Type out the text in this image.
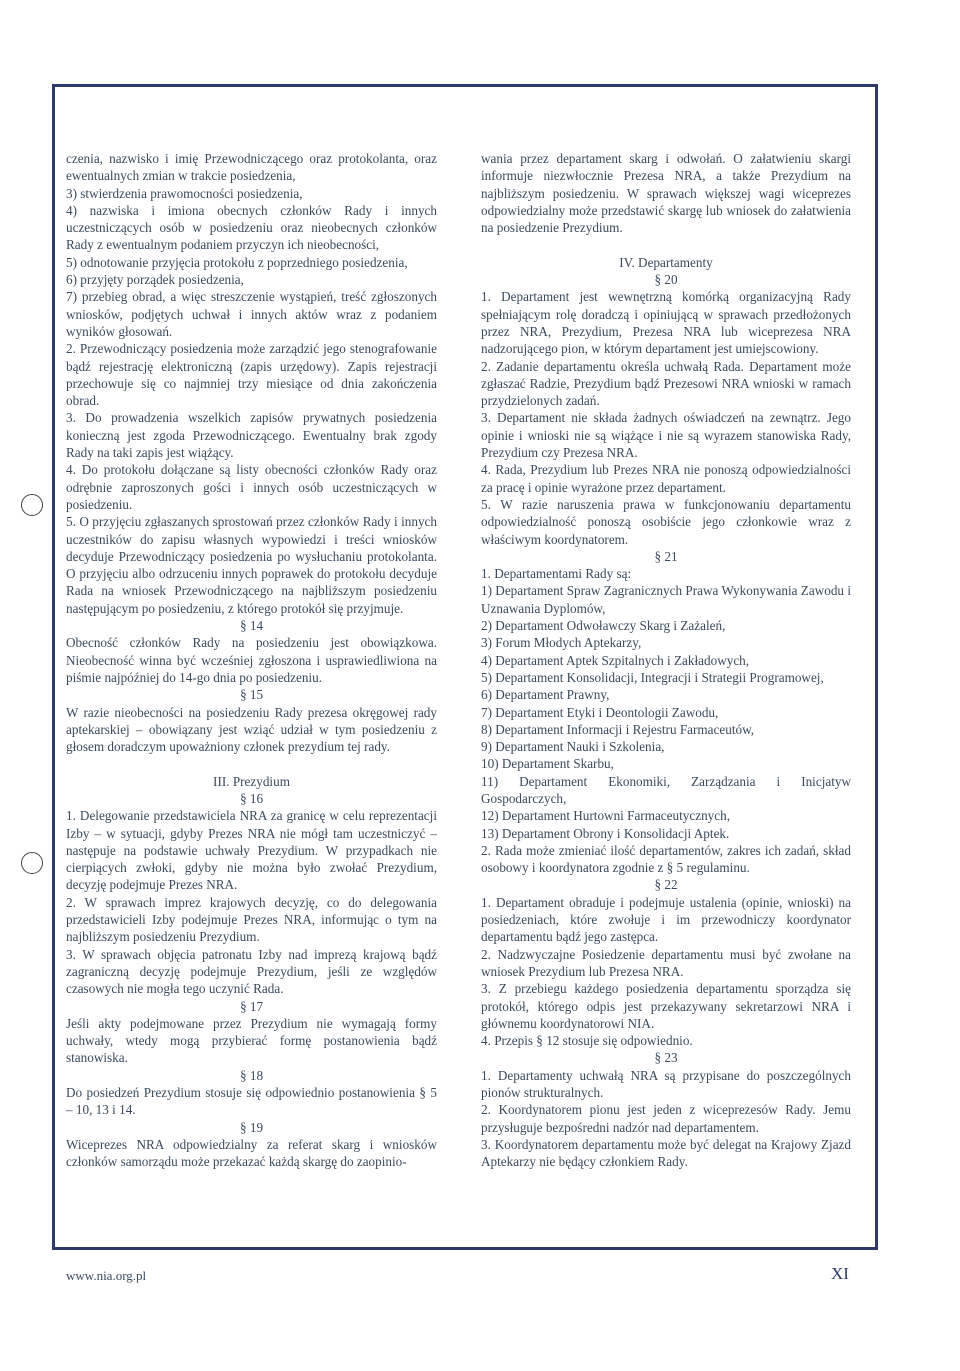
czenia, nazwisko i imię Przewodniczącego oraz protokolanta, oraz ewentualnych zmian w trakcie posiedzenia,

3) stwierdzenia prawomocności posiedzenia,

4) nazwiska i imiona obecnych członków Rady i innych uczestniczących osób w posiedzeniu oraz nieobecnych członków Rady z ewentualnym podaniem przyczyn ich nieobecności,

5) odnotowanie przyjęcia protokołu z poprzedniego posiedzenia,

6) przyjęty porządek posiedzenia,

7) przebieg obrad, a więc streszczenie wystąpień, treść zgłoszonych wniosków, podjętych uchwał i innych aktów wraz z podaniem wyników głosowań.

2. Przewodniczący posiedzenia może zarządzić jego stenografowanie bądź rejestrację elektroniczną (zapis urzędowy). Zapis rejestracji przechowuje się co najmniej trzy miesiące od dnia zakończenia obrad.

3. Do prowadzenia wszelkich zapisów prywatnych posiedzenia konieczną jest zgoda Przewodniczącego. Ewentualny brak zgody Rady na taki zapis jest wiążący.

4. Do protokołu dołączane są listy obecności członków Rady oraz odrębnie zaproszonych gości i innych osób uczestniczących w posiedzeniu.

5. O przyjęciu zgłaszanych sprostowań przez członków Rady i innych uczestników do zapisu własnych wypowiedzi i treści wniosków decyduje Przewodniczący posiedzenia po wysłuchaniu protokolanta. O przyjęciu albo odrzuceniu innych poprawek do protokołu decyduje Rada na wniosek Przewodniczącego na najbliższym posiedzeniu następującym po posiedzeniu, z którego protokół się przyjmuje.

§ 14

Obecność członków Rady na posiedzeniu jest obowiązkowa. Nieobecność winna być wcześniej zgłoszona i usprawiedliwiona na piśmie najpóźniej do 14-go dnia po posiedzeniu.

§ 15

W razie nieobecności na posiedzeniu Rady prezesa okręgowej rady aptekarskiej – obowiązany jest wziąć udział w tym posiedzeniu z głosem doradczym upoważniony członek prezydium tej rady.

III. Prezydium

§ 16

1. Delegowanie przedstawiciela NRA za granicę w celu reprezentacji Izby – w sytuacji, gdyby Prezes NRA nie mógł tam uczestniczyć – następuje na podstawie uchwały Prezydium. W przypadkach nie cierpiących zwłoki, gdyby nie można było zwołać Prezydium, decyzję podejmuje Prezes NRA.

2. W sprawach imprez krajowych decyzję, co do delegowania przedstawicieli Izby podejmuje Prezes NRA, informując o tym na najbliższym posiedzeniu Prezydium.

3. W sprawach objęcia patronatu Izby nad imprezą krajową bądź zagraniczną decyzję podejmuje Prezydium, jeśli ze względów czasowych nie mogła tego uczynić Rada.

§ 17

Jeśli akty podejmowane przez Prezydium nie wymagają formy uchwały, wtedy mogą przybierać formę postanowienia bądź stanowiska.

§ 18

Do posiedzeń Prezydium stosuje się odpowiednio postanowienia § 5 – 10, 13 i 14.

§ 19

Wiceprezes NRA odpowiedzialny za referat skarg i wniosków członków samorządu może przekazać każdą skargę do zaopinio-

wania przez departament skarg i odwołań. O załatwieniu skargi informuje niezwłocznie Prezesa NRA, a także Prezydium na najbliższym posiedzeniu. W sprawach większej wagi wiceprezes odpowiedzialny może przedstawić skargę lub wniosek do załatwienia na posiedzenie Prezydium.

IV. Departamenty

§ 20

1. Departament jest wewnętrzną komórką organizacyjną Rady spełniającym rolę doradczą i opiniującą w sprawach przedłożonych przez NRA, Prezydium, Prezesa NRA lub wiceprezesa NRA nadzorującego pion, w którym departament jest umiejscowiony.

2. Zadanie departamentu określa uchwałą Rada. Departament może zgłaszać Radzie, Prezydium bądź Prezesowi NRA wnioski w ramach przydzielonych zadań.

3. Departament nie składa żadnych oświadczeń na zewnątrz. Jego opinie i wnioski nie są wiążące i nie są wyrazem stanowiska Rady, Prezydium czy Prezesa NRA.

4. Rada, Prezydium lub Prezes NRA nie ponoszą odpowiedzialności za pracę i opinie wyrażone przez departament.

5. W razie naruszenia prawa w funkcjonowaniu departamentu odpowiedzialność ponoszą osobiście jego członkowie wraz z właściwym koordynatorem.

§ 21

1. Departamentami Rady są:

1) Departament Spraw Zagranicznych Prawa Wykonywania Zawodu i Uznawania Dyplomów,

2) Departament Odwoławczy Skarg i Zażaleń,

3) Forum Młodych Aptekarzy,

4) Departament Aptek Szpitalnych i Zakładowych,

5) Departament Konsolidacji, Integracji i Strategii Programowej,

6) Departament Prawny,

7) Departament Etyki i Deontologii Zawodu,

8) Departament Informacji i Rejestru Farmaceutów,

9) Departament Nauki i Szkolenia,

10) Departament Skarbu,

11) Departament Ekonomiki, Zarządzania i Inicjatyw Gospodarczych,

12) Departament Hurtowni Farmaceutycznych,

13) Departament Obrony i Konsolidacji Aptek.

2. Rada może zmieniać ilość departamentów, zakres ich zadań, skład osobowy i koordynatora zgodnie z § 5 regulaminu.

§ 22

1. Departament obraduje i podejmuje ustalenia (opinie, wnioski) na posiedzeniach, które zwołuje i im przewodniczy koordynator departamentu bądź jego zastępca.

2. Nadzwyczajne Posiedzenie departamentu musi być zwołane na wniosek Prezydium lub Prezesa NRA.

3. Z przebiegu każdego posiedzenia departamentu sporządza się protokół, którego odpis jest przekazywany sekretarzowi NRA i głównemu koordynatorowi NIA.

4. Przepis § 12 stosuje się odpowiednio.

§ 23

1. Departamenty uchwałą NRA są przypisane do poszczególnych pionów strukturalnych.

2. Koordynatorem pionu jest jeden z wiceprezesów Rady. Jemu przysługuje bezpośredni nadzór nad departamentem.

3. Koordynatorem departamentu może być delegat na Krajowy Zjazd Aptekarzy nie będący członkiem Rady.

www.nia.org.pl	XI
